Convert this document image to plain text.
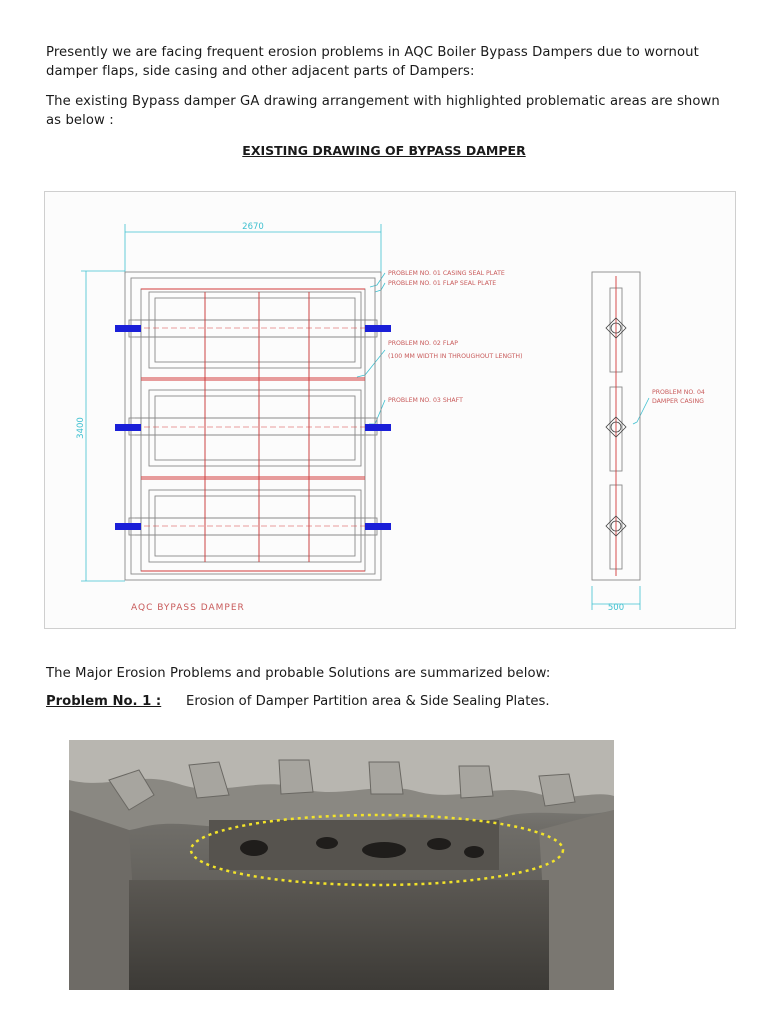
Presently we are facing frequent erosion problems in AQC Boiler Bypass Dampers due to wornout damper flaps, side casing and other adjacent parts of Dampers:
The existing Bypass damper GA drawing arrangement with highlighted problematic areas are shown as below :
EXISTING DRAWING OF BYPASS DAMPER
2670
3400
500
AQC BYPASS DAMPER
PROBLEM NO. 01 CASING SEAL PLATE
PROBLEM NO. 01 FLAP SEAL PLATE
PROBLEM NO. 02 FLAP
(100 MM WIDTH IN THROUGHOUT LENGTH)
PROBLEM NO. 03 SHAFT
PROBLEM NO. 04
DAMPER CASING
The Major Erosion Problems and probable Solutions are summarized below:
Problem No. 1 : Erosion of Damper Partition area & Side Sealing Plates.
